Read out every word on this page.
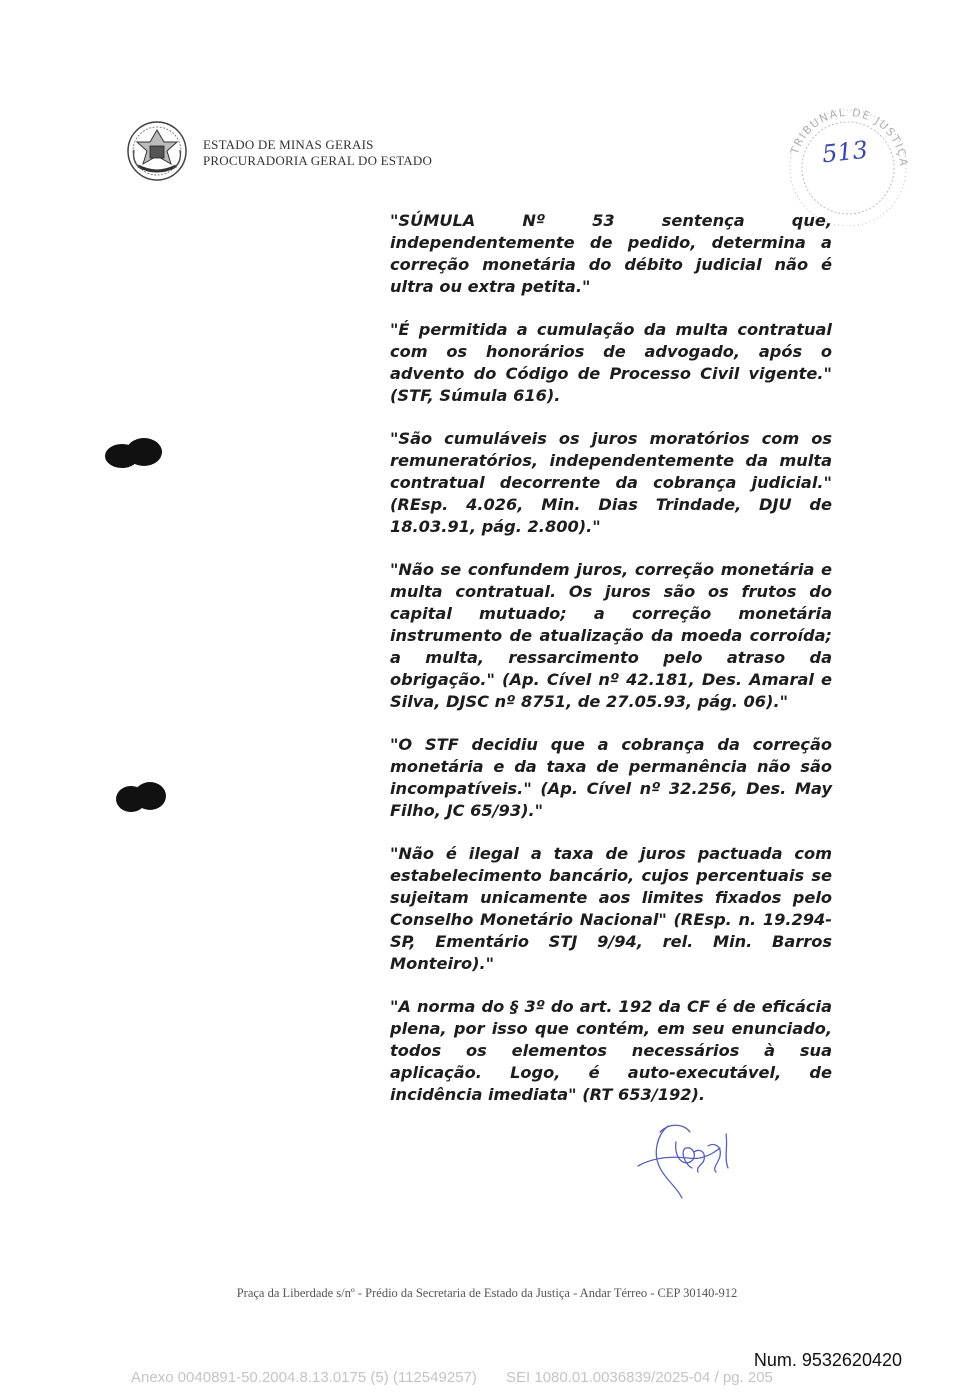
ESTADO DE MINAS GERAIS
PROCURADORIA GERAL DO ESTADO
TRIBUNAL DE JUSTIÇA
513

"SÚMULA Nº 53 sentença que, independentemente de pedido, determina a correção monetária do débito judicial não é ultra ou extra petita."

"É permitida a cumulação da multa contratual com os honorários de advogado, após o advento do Código de Processo Civil vigente." (STF, Súmula 616).

"São cumuláveis os juros moratórios com os remuneratórios, independentemente da multa contratual decorrente da cobrança judicial." (REsp. 4.026, Min. Dias Trindade, DJU de 18.03.91, pág. 2.800)."

"Não se confundem juros, correção monetária e multa contratual. Os juros são os frutos do capital mutuado; a correção monetária instrumento de atualização da moeda corroída; a multa, ressarcimento pelo atraso da obrigação." (Ap. Cível nº 42.181, Des. Amaral e Silva, DJSC nº 8751, de 27.05.93, pág. 06)."

"O STF decidiu que a cobrança da correção monetária e da taxa de permanência não são incompatíveis." (Ap. Cível nº 32.256, Des. May Filho, JC 65/93)."

"Não é ilegal a taxa de juros pactuada com estabelecimento bancário, cujos percentuais se sujeitam unicamente aos limites fixados pelo Conselho Monetário Nacional" (REsp. n. 19.294-SP, Ementário STJ 9/94, rel. Min. Barros Monteiro)."

"A norma do § 3º do art. 192 da CF é de eficácia plena, por isso que contém, em seu enunciado, todos os elementos necessários à sua aplicação. Logo, é auto-executável, de incidência imediata" (RT 653/192).

Praça da Liberdade s/nº - Prédio da Secretaria de Estado da Justiça - Andar Térreo - CEP 30140-912
Num. 9532620420
Anexo 0040891-50.2004.8.13.0175 (5) (112549257)       SEI 1080.01.0036839/2025-04 / pg. 205
